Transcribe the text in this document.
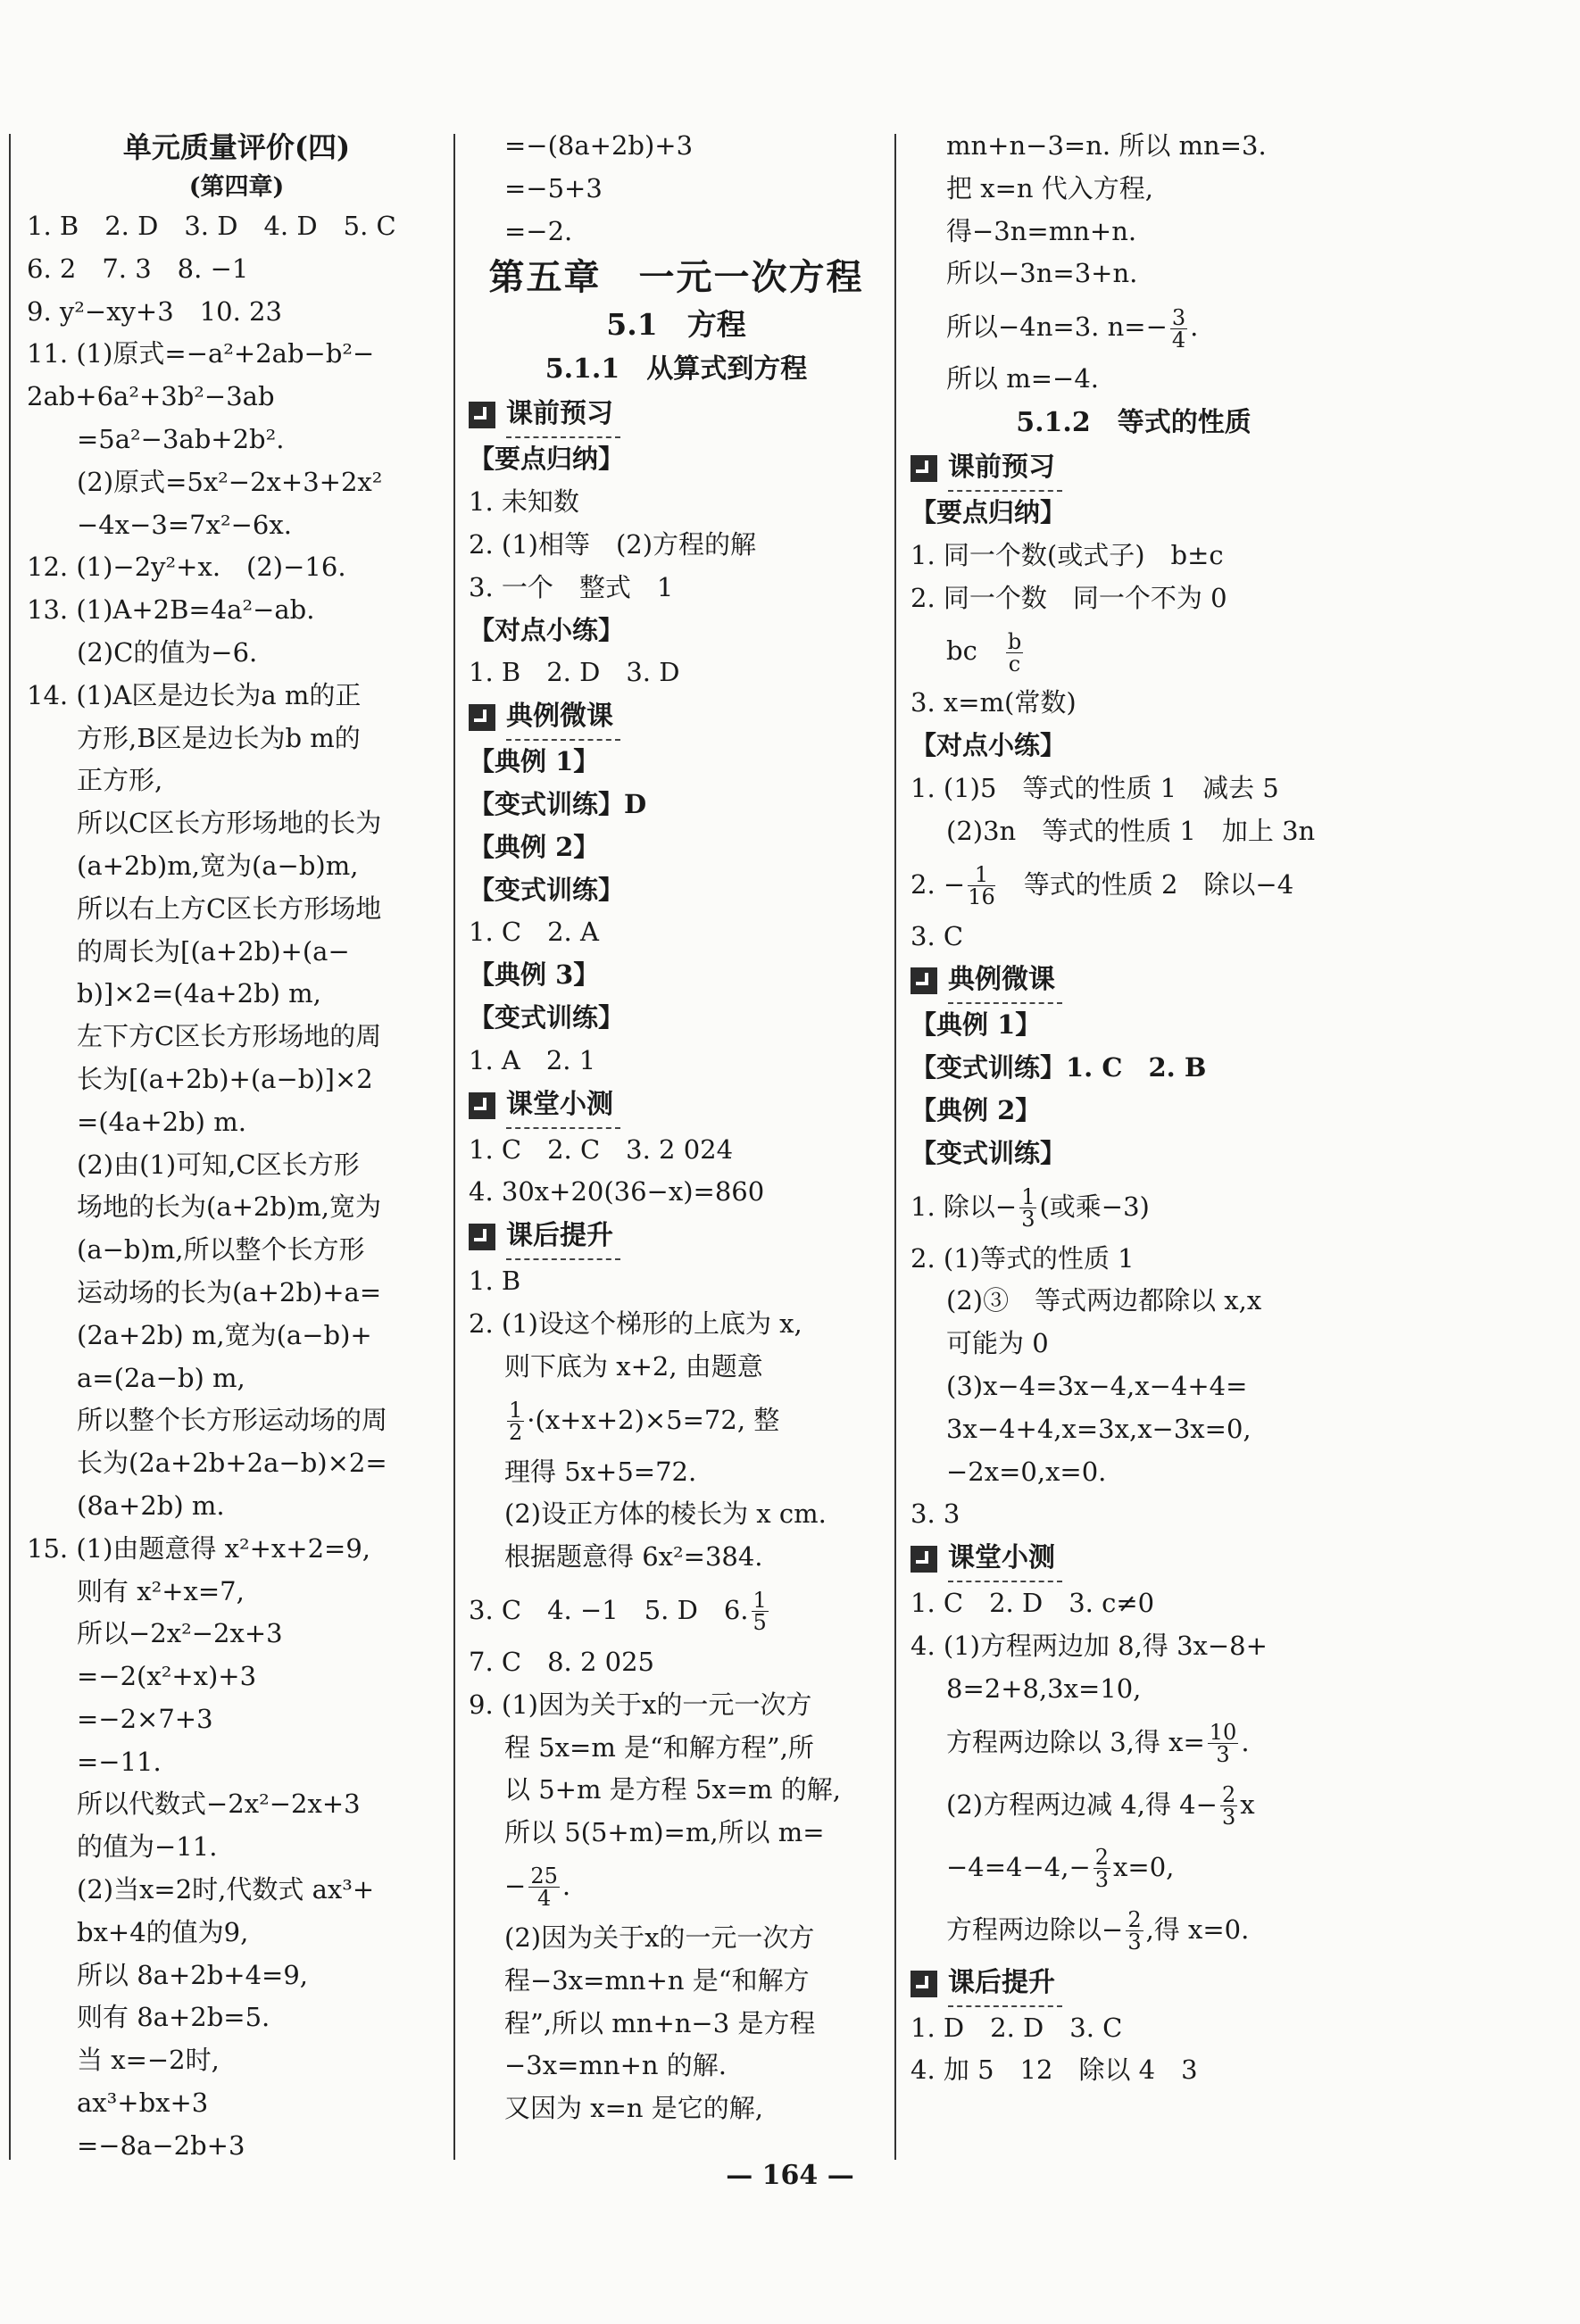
单元质量评价(四)
(第四章)
1. B　2. D　3. D　4. D　5. C
6. 2　7. 3　8. −1
9. y²−xy+3　10. 23
11. (1)原式=−a²+2ab−b²−
2ab+6a²+3b²−3ab
=5a²−3ab+2b².
(2)原式=5x²−2x+3+2x²
−4x−3=7x²−6x.
12. (1)−2y²+x.　(2)−16.
13. (1)A+2B=4a²−ab.
(2)C的值为−6.
14. (1)A区是边长为a m的正
方形,B区是边长为b m的
正方形,
所以C区长方形场地的长为
(a+2b)m,宽为(a−b)m,
所以右上方C区长方形场地
的周长为[(a+2b)+(a−
b)]×2=(4a+2b) m,
左下方C区长方形场地的周
长为[(a+2b)+(a−b)]×2
=(4a+2b) m.
(2)由(1)可知,C区长方形
场地的长为(a+2b)m,宽为
(a−b)m,所以整个长方形
运动场的长为(a+2b)+a=
(2a+2b) m,宽为(a−b)+
a=(2a−b) m,
所以整个长方形运动场的周
长为(2a+2b+2a−b)×2=
(8a+2b) m.
15. (1)由题意得 x²+x+2=9,
则有 x²+x=7,
所以−2x²−2x+3
=−2(x²+x)+3
=−2×7+3
=−11.
所以代数式−2x²−2x+3
的值为−11.
(2)当x=2时,代数式 ax³+
bx+4的值为9,
所以 8a+2b+4=9,
则有 8a+2b=5.
当 x=−2时,
ax³+bx+3
=−8a−2b+3
=−(8a+2b)+3
=−5+3
=−2.
第五章　一元一次方程
5.1　方程
5.1.1　从算式到方程
课前预习
【要点归纳】
1. 未知数
2. (1)相等　(2)方程的解
3. 一个　整式　1
【对点小练】
1. B　2. D　3. D
典例微课
【典例 1】
【变式训练】D
【典例 2】
【变式训练】
1. C　2. A
【典例 3】
【变式训练】
1. A　2. 1
课堂小测
1. C　2. C　3. 2 024
4. 30x+20(36−x)=860
课后提升
1. B
2. (1)设这个梯形的上底为 x,
则下底为 x+2, 由题意
$\frac{1}{2} \cdot(x+x+2)\times 5=72$, 整
理得 5x+5=72.
(2)设正方体的棱长为 x cm.
根据题意得 6x²=384.
3. C　4. −1　5. D　6. $\frac{1}{5}$
7. C　8. 2 025
9. (1)因为关于x的一元一次方
程 5x=m 是“和解方程”,所
以 5+m 是方程 5x=m 的解,
所以 5(5+m)=m,所以 m=
− $\frac{25}{4}$ .
(2)因为关于x的一元一次方
程−3x=mn+n 是“和解方
程”,所以 mn+n−3 是方程
−3x=mn+n 的解.
又因为 x=n 是它的解,
mn+n−3=n. 所以 mn=3.
把 x=n 代入方程,
得−3n=mn+n.
所以−3n=3+n.
所以−4n=3. $n=- \frac{3}{4}$ .
所以 m=−4.
5.1.2　等式的性质
课前预习
【要点归纳】
1. 同一个数(或式子)　b±c
2. 同一个数　同一个不为 0
bc　 $\frac{b}{c}$
3. x=m(常数)
【对点小练】
1. (1)5　等式的性质 1　减去 5
(2)3n　等式的性质 1　加上 3n
2. − $\frac{1}{16}$
　 等式的性质 2　除以−4
3. C
典例微课
【典例 1】
【变式训练】1. C　2. B
【典例 2】
【变式训练】
1. 除以− $\frac{1}{3}$ (或乘−3)
2. (1)等式的性质 1
(2)③　等式两边都除以 x,x
可能为 0
(3)x−4=3x−4,x−4+4=
3x−4+4,x=3x,x−3x=0,
−2x=0,x=0.
3. 3
课堂小测
1. C　2. D　3. c≠0
4. (1)方程两边加 8,得 3x−8+
8=2+8,3x=10,
方程两边除以 3,得 $x= \frac{10}{3}$ .
(2)方程两边减 4,得 $4- \frac{2}{3}$ x
$-4=4-4,- \frac{2}{3} x=0$,
方程两边除以− $\frac{2}{3}$ ,得 x=0.
课后提升
1. D　2. D　3. C
4. 加 5　12　除以 4　3
— 164 —
